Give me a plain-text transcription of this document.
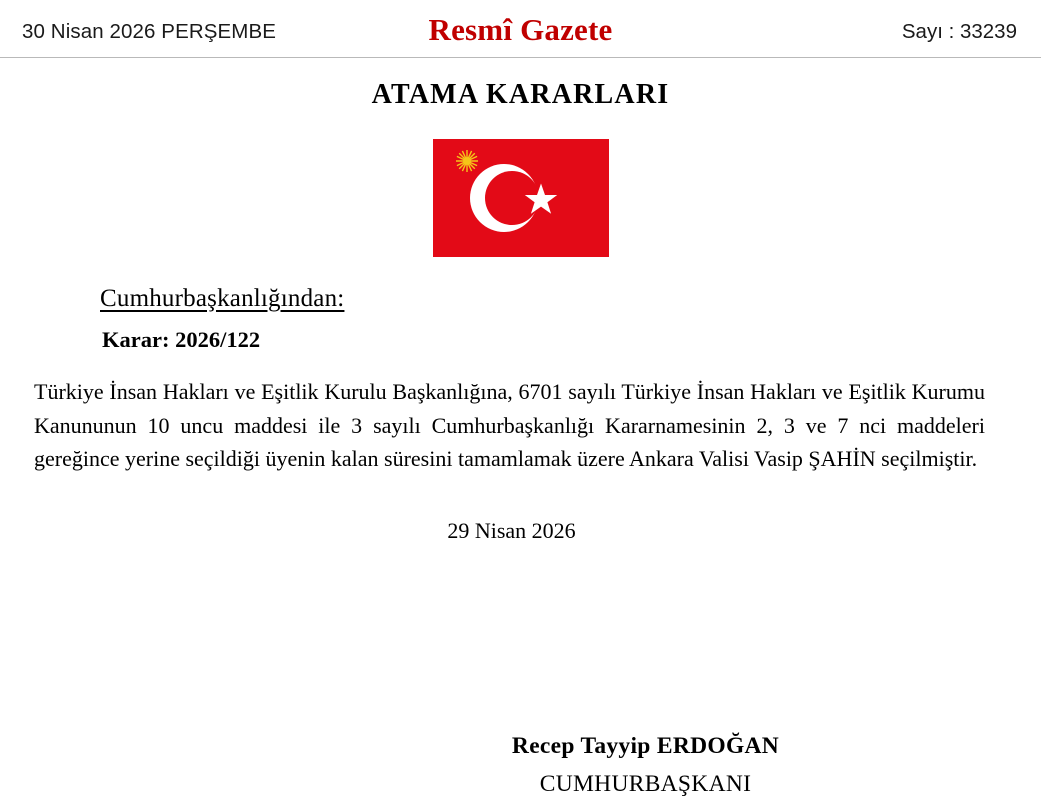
30 Nisan 2026 PERŞEMBE	Resmî Gazete	Sayı : 33239
ATAMA KARARLARI
Cumhurbaşkanlığından:
Karar: 2026/122
Türkiye İnsan Hakları ve Eşitlik Kurulu Başkanlığına, 6701 sayılı Türkiye İnsan Hakları ve Eşitlik Kurumu Kanununun 10 uncu maddesi ile 3 sayılı Cumhurbaşkanlığı Kararnamesinin 2, 3 ve 7 nci maddeleri gereğince yerine seçildiği üyenin kalan süresini tamamlamak üzere Ankara Valisi Vasip ŞAHİN seçilmiştir.
29 Nisan 2026
Recep Tayyip ERDOĞAN
CUMHURBAŞKANI
